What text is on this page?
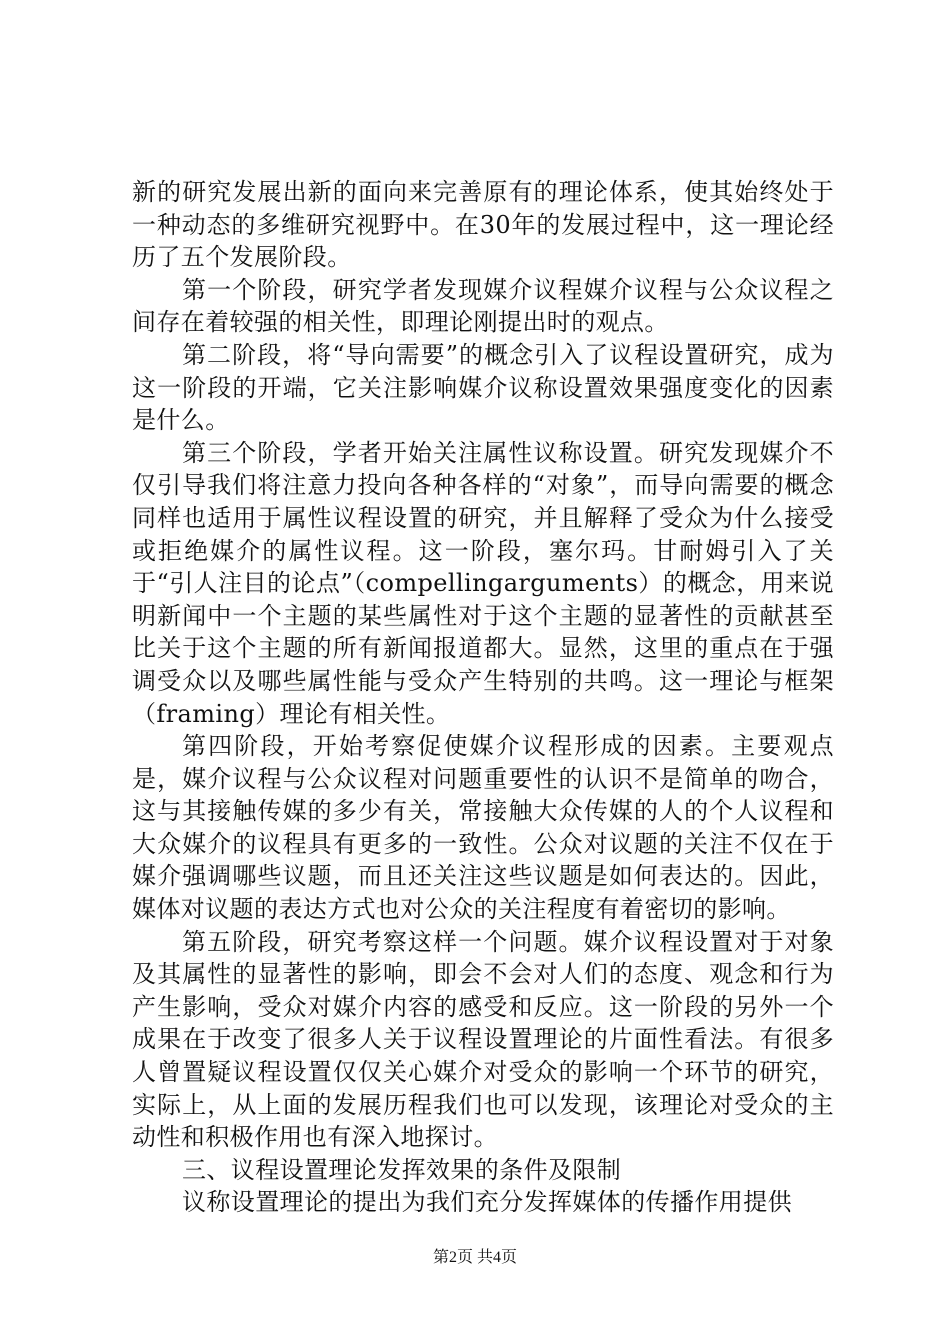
新的研究发展出新的面向来完善原有的理论体系，使其始终处于一种动态的多维研究视野中。在30年的发展过程中，这一理论经历了五个发展阶段。

第一个阶段，研究学者发现媒介议程媒介议程与公众议程之间存在着较强的相关性，即理论刚提出时的观点。

第二阶段，将“导向需要”的概念引入了议程设置研究，成为这一阶段的开端，它关注影响媒介议称设置效果强度变化的因素是什么。

第三个阶段，学者开始关注属性议称设置。研究发现媒介不仅引导我们将注意力投向各种各样的“对象”，而导向需要的概念同样也适用于属性议程设置的研究，并且解释了受众为什么接受或拒绝媒介的属性议程。这一阶段，塞尔玛。甘耐姆引入了关于“引人注目的论点”（compellingarguments）的概念，用来说明新闻中一个主题的某些属性对于这个主题的显著性的贡献甚至比关于这个主题的所有新闻报道都大。显然，这里的重点在于强调受众以及哪些属性能与受众产生特别的共鸣。这一理论与框架（framing）理论有相关性。

第四阶段，开始考察促使媒介议程形成的因素。主要观点是，媒介议程与公众议程对问题重要性的认识不是简单的吻合，这与其接触传媒的多少有关，常接触大众传媒的人的个人议程和大众媒介的议程具有更多的一致性。公众对议题的关注不仅在于媒介强调哪些议题，而且还关注这些议题是如何表达的。因此，媒体对议题的表达方式也对公众的关注程度有着密切的影响。

第五阶段，研究考察这样一个问题。媒介议程设置对于对象及其属性的显著性的影响，即会不会对人们的态度、观念和行为产生影响，受众对媒介内容的感受和反应。这一阶段的另外一个成果在于改变了很多人关于议程设置理论的片面性看法。有很多人曾置疑议程设置仅仅关心媒介对受众的影响一个环节的研究，实际上，从上面的发展历程我们也可以发现，该理论对受众的主动性和积极作用也有深入地探讨。

三、议程设置理论发挥效果的条件及限制

议称设置理论的提出为我们充分发挥媒体的传播作用提供

第2页 共4页
